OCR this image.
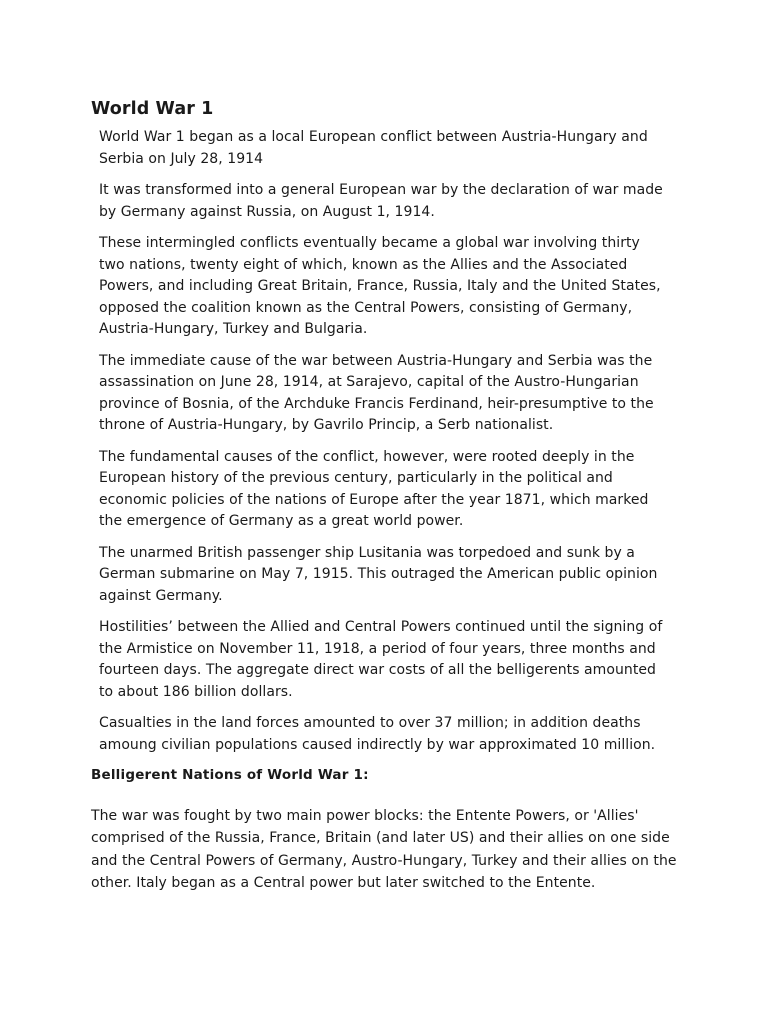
World War 1

World War 1 began as a local European conflict between Austria-Hungary and Serbia on July 28, 1914

It was transformed into a general European war by the declaration of war made by Germany against Russia, on August 1, 1914.

These intermingled conflicts eventually became a global war involving thirty two nations, twenty eight of which, known as the Allies and the Associated Powers, and including Great Britain, France, Russia, Italy and the United States, opposed the coalition known as the Central Powers, consisting of Germany, Austria-Hungary, Turkey and Bulgaria.

The immediate cause of the war between Austria-Hungary and Serbia was the assassination on June 28, 1914, at Sarajevo, capital of the Austro-Hungarian province of Bosnia, of the Archduke Francis Ferdinand, heir-presumptive to the throne of Austria-Hungary, by Gavrilo Princip, a Serb nationalist.

The fundamental causes of the conflict, however, were rooted deeply in the European history of the previous century, particularly in the political and economic policies of the nations of Europe after the year 1871, which marked the emergence of Germany as a great world power.

The unarmed British passenger ship Lusitania was torpedoed and sunk by a German submarine on May 7, 1915. This outraged the American public opinion against Germany.

Hostilities’ between the Allied and Central Powers continued until the signing of the Armistice on November 11, 1918, a period of four years, three months and fourteen days. The aggregate direct war costs of all the belligerents amounted to about 186 billion dollars.

Casualties in the land forces amounted to over 37 million; in addition deaths amoung civilian populations caused indirectly by war approximated 10 million.

Belligerent Nations of World War 1:

The war was fought by two main power blocks: the Entente Powers, or 'Allies' comprised of the Russia, France, Britain (and later US) and their allies on one side and the Central Powers of Germany, Austro-Hungary, Turkey and their allies on the other. Italy began as a Central power but later switched to the Entente.
